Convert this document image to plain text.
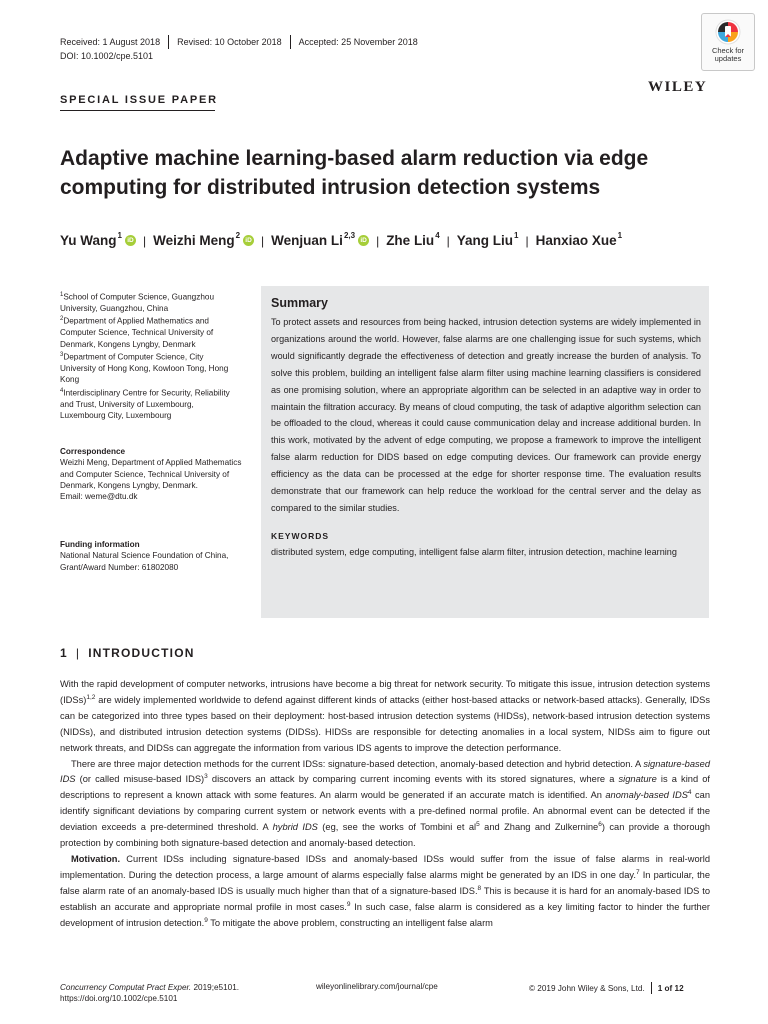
Received: 1 August 2018 Revised: 10 October 2018 Accepted: 25 November 2018
DOI: 10.1002/cpe.5101
Check for
updates
WILEY
SPECIAL ISSUE PAPER
Adaptive machine learning-based alarm reduction via edge computing for distributed intrusion detection systems
Yu Wang$^1$
iD | Weizhi Meng$^2$
iD | Wenjuan Li$^{2,3}$
iD | Zhe Liu$^4$ | Yang Liu$^1$ | Hanxiao Xue$^1$

$^1$School of Computer Science, Guangzhou University, Guangzhou, China

$^2$Department of Applied Mathematics and Computer Science, Technical University of Denmark, Kongens Lyngby, Denmark

$^3$Department of Computer Science, City University of Hong Kong, Kowloon Tong, Hong Kong

$^4$Interdisciplinary Centre for Security, Reliability and Trust, University of Luxembourg, Luxembourg City, Luxembourg

Correspondence
Weizhi Meng, Department of Applied Mathematics and Computer Science, Technical University of Denmark, Kongens Lyngby, Denmark.
Email: weme@dtu.dk
Funding information
National Natural Science Foundation of China, Grant/Award Number: 61802080
Summary

To protect assets and resources from being hacked, intrusion detection systems are widely implemented in organizations around the world. However, false alarms are one challenging issue for such systems, which would significantly degrade the effectiveness of detection and greatly increase the burden of analysis. To solve this problem, building an intelligent false alarm filter using machine learning classifiers is considered as one promising solution, where an appropriate algorithm can be selected in an adaptive way in order to maintain the filtration accuracy. By means of cloud computing, the task of adaptive algorithm selection can be offloaded to the cloud, whereas it could cause communication delay and increase additional burden. In this work, motivated by the advent of edge computing, we propose a framework to improve the intelligent false alarm reduction for DIDS based on edge computing devices. Our framework can provide energy efficiency as the data can be processed at the edge for shorter response time. The evaluation results demonstrate that our framework can help reduce the workload for the central server and the delay as compared to the similar studies.

KEYWORDS
distributed system, edge computing, intelligent false alarm filter, intrusion detection, machine learning
1 | INTRODUCTION

With the rapid development of computer networks, intrusions have become a big threat for network security. To mitigate this issue, intrusion detection systems (IDSs)$^{1,2}$ are widely implemented worldwide to defend against different kinds of attacks (either host-based attacks or network-based attacks). Generally, IDSs can be categorized into three types based on their deployment: host-based intrusion detection systems (HIDSs), network-based intrusion detection systems (NIDSs), and distributed intrusion detection systems (DIDSs). HIDSs are responsible for detecting anomalies in a local system, NIDSs aim to figure out network threats, and DIDSs can aggregate the information from various IDS agents to improve the detection performance.

There are three major detection methods for the current IDSs: signature-based detection, anomaly-based detection and hybrid detection. A signature-based IDS (or called misuse-based IDS)$^3$ discovers an attack by comparing current incoming events with its stored signatures, where a signature is a kind of descriptions to represent a known attack with some features. An alarm would be generated if an accurate match is identified. An anomaly-based IDS$^4$ can identify significant deviations by comparing current system or network events with a pre-defined normal profile. An abnormal event can be detected if the deviation exceeds a pre-determined threshold. A hybrid IDS (eg, see the works of Tombini et $al^5$ and Zhang and Zulkernine$^6$) can provide a thorough protection by combining both signature-based detection and anomaly-based detection.

Motivation. Current IDSs including signature-based IDSs and anomaly-based IDSs would suffer from the issue of false alarms in real-world implementation. During the detection process, a large amount of alarms especially false alarms might be generated by an IDS in one day.$^7$ In particular, the false alarm rate of an anomaly-based IDS is usually much higher than that of a signature-based IDS.$^8$ This is because it is hard for an anomaly-based IDS to establish an accurate and appropriate normal profile in most cases.$^9$ In such case, false alarm is considered as a key limiting factor to hinder the further development of intrusion detection.$^9$ To mitigate the above problem, constructing an intelligent false alarm

Concurrency Computat Pract Exper. 2019;e5101.
https://doi.org/10.1002/cpe.5101
wileyonlinelibrary.com/journal/cpe	© 2019 John Wiley & Sons, Ltd. 1 of 12
